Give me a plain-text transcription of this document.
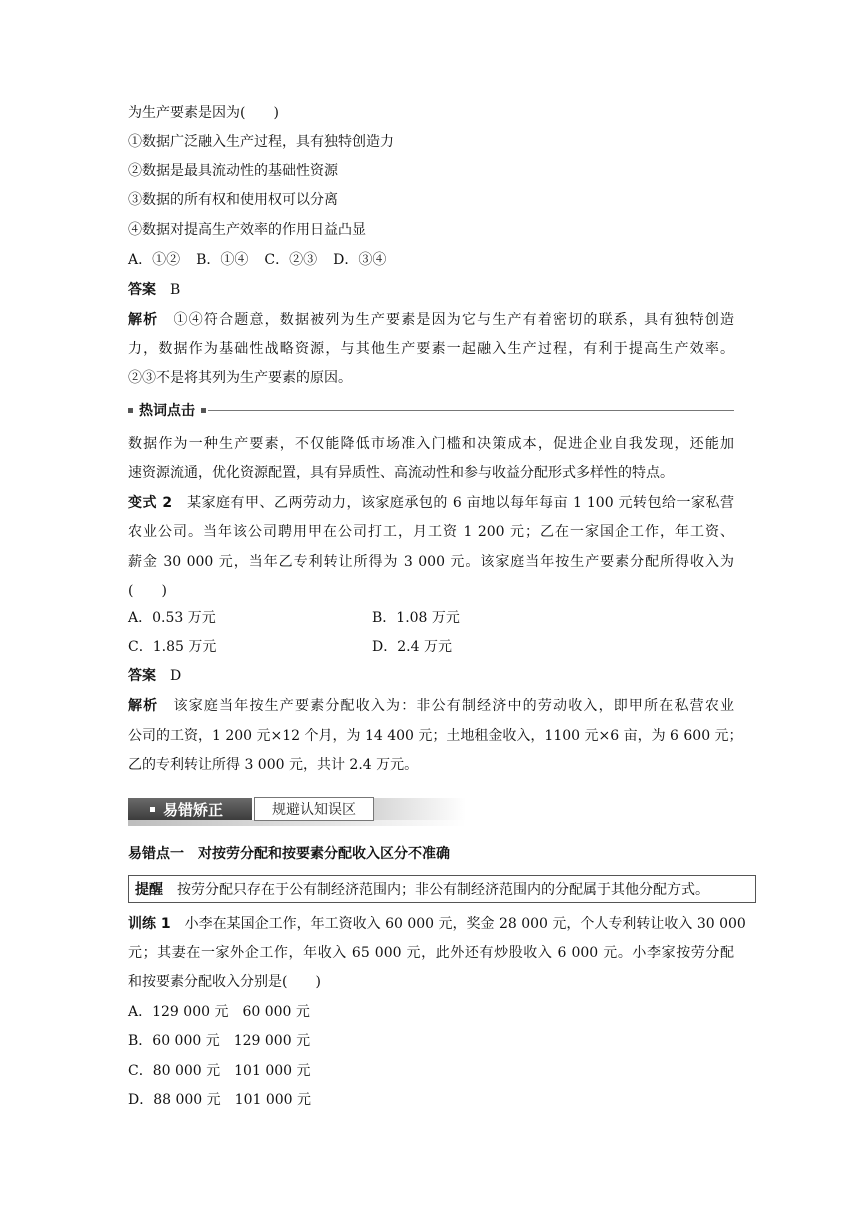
为生产要素是因为(　　)
①数据广泛融入生产过程，具有独特创造力
②数据是最具流动性的基础性资源
③数据的所有权和使用权可以分离
④数据对提高生产效率的作用日益凸显
A．①② B．①④ C．②③ D．③④
答案　 B
解析　 ①④符合题意，数据被列为生产要素是因为它与生产有着密切的联系，具有独特创造
力，数据作为基础性战略资源，与其他生产要素一起融入生产过程，有利于提高生产效率。
②③不是将其列为生产要素的原因。
热词点击
数据作为一种生产要素，不仅能降低市场准入门槛和决策成本，促进企业自我发现，还能加
速资源流通，优化资源配置，具有异质性、高流动性和参与收益分配形式多样性的特点。
变式 2　 某家庭有甲、乙两劳动力，该家庭承包的 6 亩地以每年每亩 1 100 元转包给一家私营
农业公司。当年该公司聘用甲在公司打工，月工资 1 200 元；乙在一家国企工作，年工资、
薪金 30 000 元，当年乙专利转让所得为 3 000 元。该家庭当年按生产要素分配所得收入为
(　　)
A．0.53 万元	B．1.08 万元
C．1.85 万元	D．2.4 万元
答案　 D
解析　 该家庭当年按生产要素分配收入为：非公有制经济中的劳动收入，即甲所在私营农业
公司的工资，1 200 元×12 个月，为 14 400 元；土地租金收入，1100 元×6 亩，为 6 600 元；
乙的专利转让所得 3 000 元，共计 2.4 万元。
易错矫正	规避认知误区
易错点一　对按劳分配和按要素分配收入区分不准确
提醒
　 按劳分配只存在于公有制经济范围内；非公有制经济范围内的分配属于其他分配方式。
训练 1　 小李在某国企工作，年工资收入 60 000 元，奖金 28 000 元，个人专利转让收入 30 000
元；其妻在一家外企工作，年收入 65 000 元，此外还有炒股收入 6 000 元。小李家按劳分配
和按要素分配收入分别是(　　)
A．129 000 元　60 000 元
B．60 000 元　129 000 元
C．80 000 元　101 000 元
D．88 000 元　101 000 元
